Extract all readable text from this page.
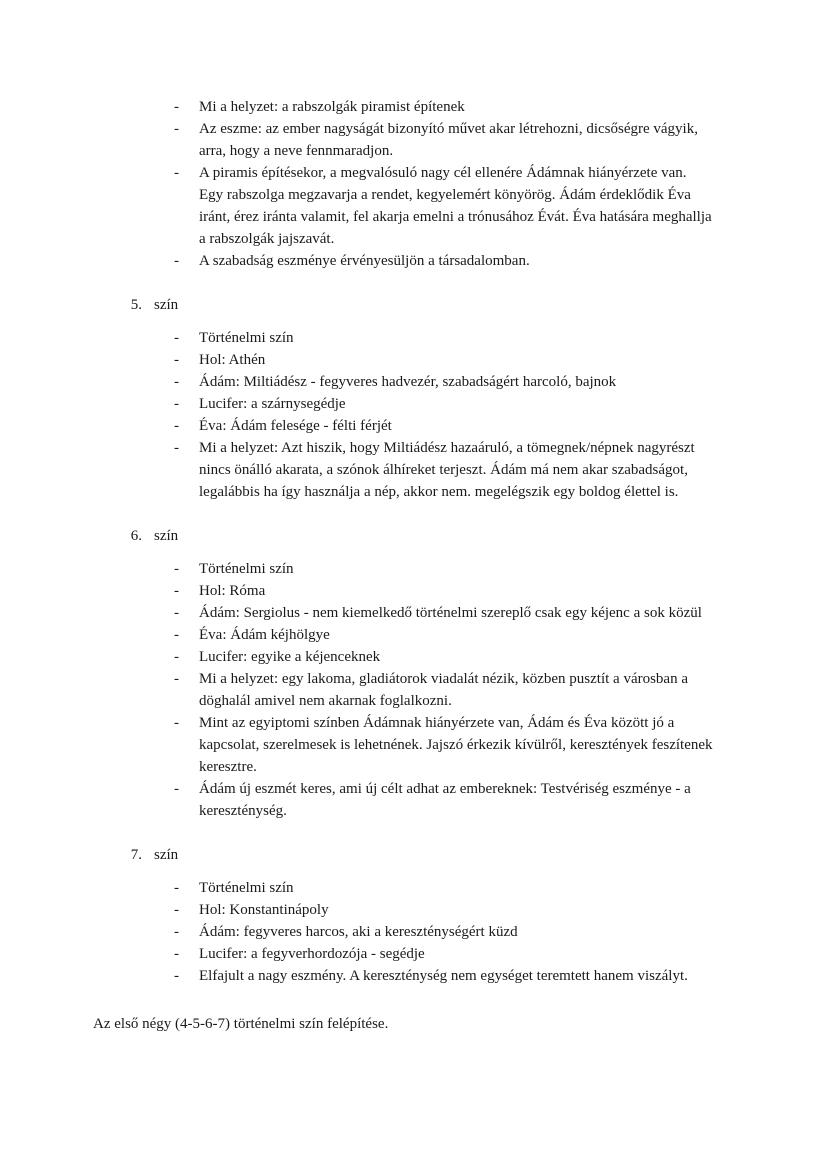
-	Mi a helyzet: a rabszolgák piramist építenek
-	Az eszme: az ember nagyságát bizonyító művet akar létrehozni, dicsőségre vágyik, arra, hogy a neve fennmaradjon.
-	A piramis építésekor, a megvalósuló nagy cél ellenére Ádámnak hiányérzete van. Egy rabszolga megzavarja a rendet, kegyelemért könyörög. Ádám érdeklődik Éva iránt, érez iránta valamit, fel akarja emelni a trónusához Évát. Éva hatására meghallja a rabszolgák jajszavát.
-	A szabadság eszménye érvényesüljön a társadalomban.
5. szín
-	Történelmi szín
-	Hol: Athén
-	Ádám: Miltiádész - fegyveres hadvezér, szabadságért harcoló, bajnok
-	Lucifer: a szárnysegédje
-	Éva: Ádám felesége - félti férjét
-	Mi a helyzet: Azt hiszik, hogy Miltiádész hazaáruló, a tömegnek/népnek nagyrészt nincs önálló akarata, a szónok álhíreket terjeszt. Ádám má nem akar szabadságot, legalábbis ha így használja a nép, akkor nem. megelégszik egy boldog élettel is.
6. szín
-	Történelmi szín
-	Hol: Róma
-	Ádám: Sergiolus - nem kiemelkedő történelmi szereplő csak egy kéjenc a sok közül
-	Éva: Ádám kéjhölgye
-	Lucifer: egyike a kéjenceknek
-	Mi a helyzet: egy lakoma, gladiátorok viadalát nézik, közben pusztít a városban a döghalál amivel nem akarnak foglalkozni.
-	Mint az egyiptomi színben Ádámnak hiányérzete van, Ádám és Éva között jó a kapcsolat, szerelmesek is lehetnének. Jajszó érkezik kívülről, keresztények feszítenek keresztre.
-	Ádám új eszmét keres, ami új célt adhat az embereknek: Testvériség eszménye - a kereszténység.
7. szín
-	Történelmi szín
-	Hol: Konstantinápoly
-	Ádám: fegyveres harcos, aki a kereszténységért küzd
-	Lucifer: a fegyverhordozója - segédje
-	Elfajult a nagy eszmény. A kereszténység nem egységet teremtett hanem viszályt.

Az első négy (4-5-6-7) történelmi szín felépítése.
